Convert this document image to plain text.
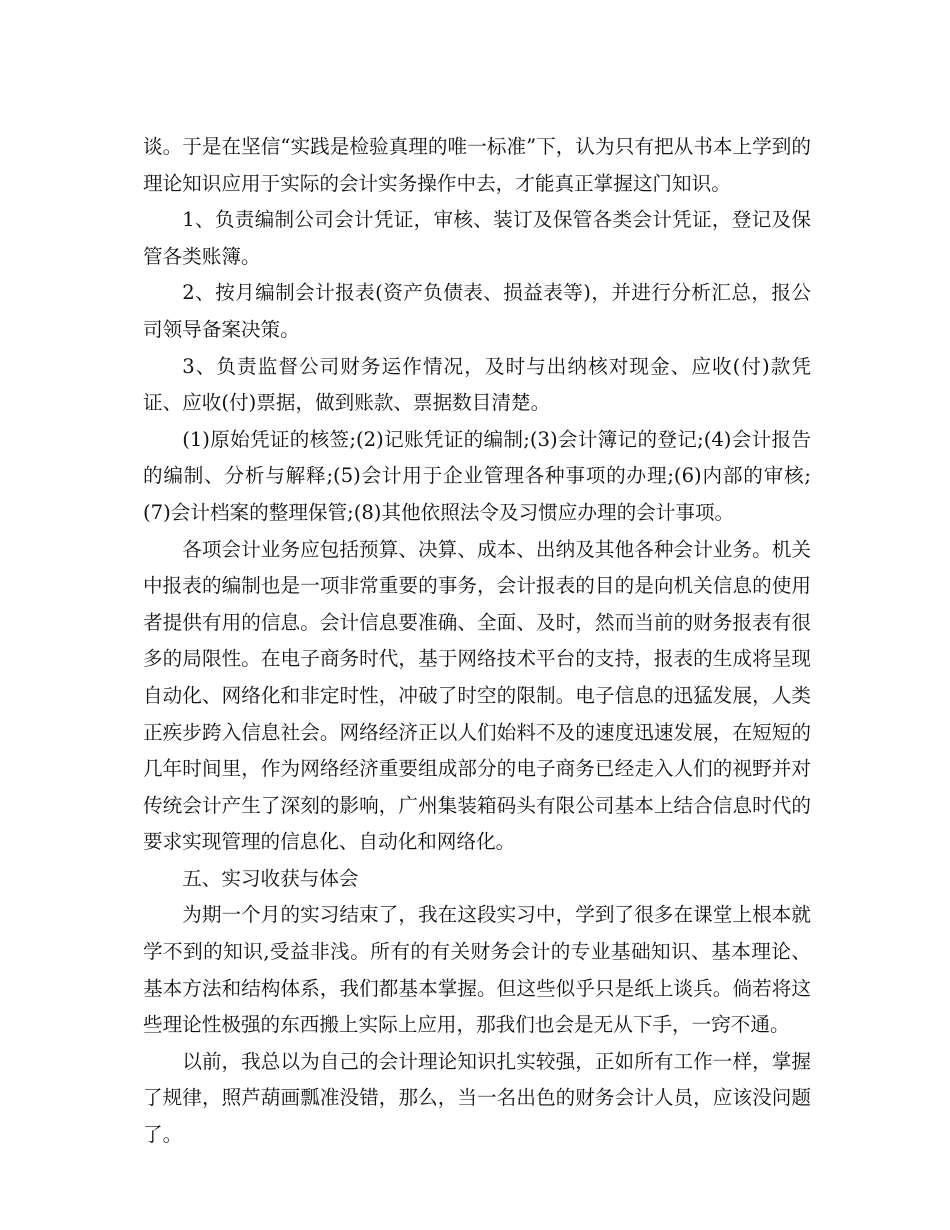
谈。于是在坚信“实践是检验真理的唯一标准”下，认为只有把从书本上学到的理论知识应用于实际的会计实务操作中去，才能真正掌握这门知识。

1、负责编制公司会计凭证，审核、装订及保管各类会计凭证，登记及保管各类账簿。

2、按月编制会计报表(资产负债表、损益表等)，并进行分析汇总，报公司领导备案决策。

3、负责监督公司财务运作情况，及时与出纳核对现金、应收(付)款凭证、应收(付)票据，做到账款、票据数目清楚。

(1)原始凭证的核签;(2)记账凭证的编制;(3)会计簿记的登记;(4)会计报告的编制、分析与解释;(5)会计用于企业管理各种事项的办理;(6)内部的审核;(7)会计档案的整理保管;(8)其他依照法令及习惯应办理的会计事项。

各项会计业务应包括预算、决算、成本、出纳及其他各种会计业务。机关中报表的编制也是一项非常重要的事务，会计报表的目的是向机关信息的使用者提供有用的信息。会计信息要准确、全面、及时，然而当前的财务报表有很多的局限性。在电子商务时代，基于网络技术平台的支持，报表的生成将呈现自动化、网络化和非定时性，冲破了时空的限制。电子信息的迅猛发展，人类正疾步跨入信息社会。网络经济正以人们始料不及的速度迅速发展，在短短的几年时间里，作为网络经济重要组成部分的电子商务已经走入人们的视野并对传统会计产生了深刻的影响，广州集装箱码头有限公司基本上结合信息时代的要求实现管理的信息化、自动化和网络化。

五、实习收获与体会

为期一个月的实习结束了，我在这段实习中，学到了很多在课堂上根本就学不到的知识,受益非浅。所有的有关财务会计的专业基础知识、基本理论、基本方法和结构体系，我们都基本掌握。但这些似乎只是纸上谈兵。倘若将这些理论性极强的东西搬上实际上应用，那我们也会是无从下手，一窍不通。

以前，我总以为自己的会计理论知识扎实较强，正如所有工作一样，掌握了规律，照芦葫画瓢准没错，那么，当一名出色的财务会计人员，应该没问题了。
